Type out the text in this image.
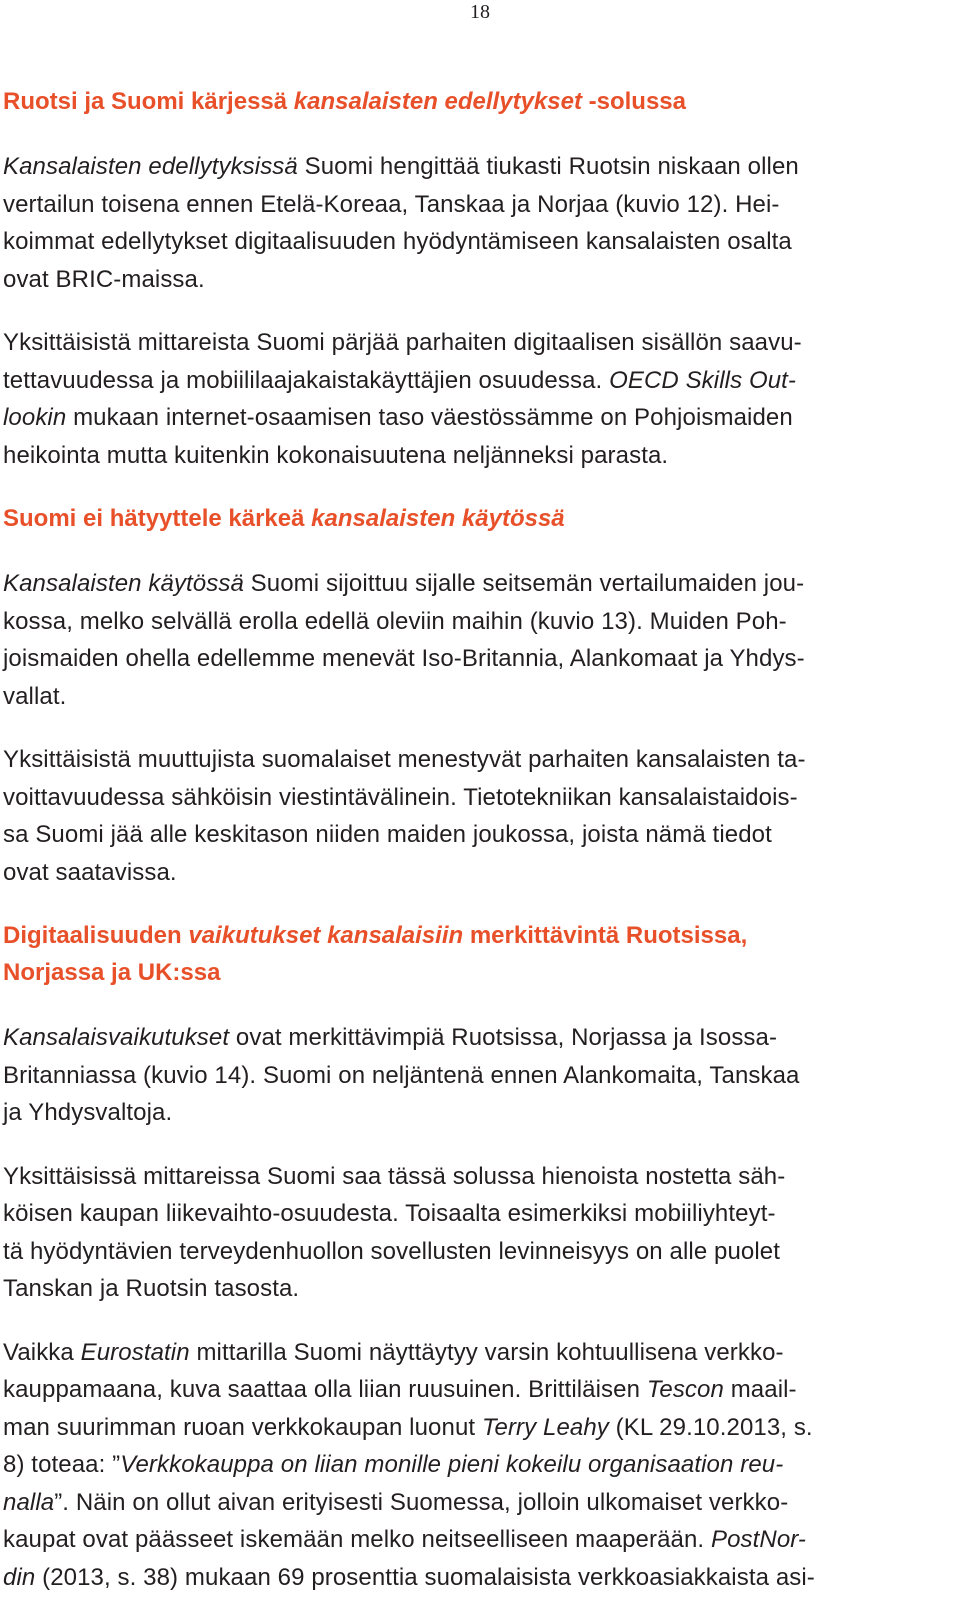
18
Ruotsi ja Suomi kärjessä kansalaisten edellytykset -solussa
Kansalaisten edellytyksissä Suomi hengittää tiukasti Ruotsin niskaan ollen
vertailun toisena ennen Etelä-Koreaa, Tanskaa ja Norjaa (kuvio 12). Hei-
koimmat edellytykset digitaalisuuden hyödyntämiseen kansalaisten osalta
ovat BRIC-maissa.
Yksittäisistä mittareista Suomi pärjää parhaiten digitaalisen sisällön saavu-
tettavuudessa ja mobiililaajakaistakäyttäjien osuudessa. OECD Skills Out-
lookin mukaan internet-osaamisen taso väestössämme on Pohjoismaiden
heikointa mutta kuitenkin kokonaisuutena neljänneksi parasta.
Suomi ei hätyyttele kärkeä kansalaisten käytössä
Kansalaisten käytössä Suomi sijoittuu sijalle seitsemän vertailumaiden jou-
kossa, melko selvällä erolla edellä oleviin maihin (kuvio 13). Muiden Poh-
joismaiden ohella edellemme menevät Iso-Britannia, Alankomaat ja Yhdys-
vallat.
Yksittäisistä muuttujista suomalaiset menestyvät parhaiten kansalaisten ta-
voittavuudessa sähköisin viestintävälinein. Tietotekniikan kansalaistaidois-
sa Suomi jää alle keskitason niiden maiden joukossa, joista nämä tiedot
ovat saatavissa.
Digitaalisuuden vaikutukset kansalaisiin merkittävintä Ruotsissa,
Norjassa ja UK:ssa
Kansalaisvaikutukset ovat merkittävimpiä Ruotsissa, Norjassa ja Isossa-
Britanniassa (kuvio 14). Suomi on neljäntenä ennen Alankomaita, Tanskaa
ja Yhdysvaltoja.
Yksittäisissä mittareissa Suomi saa tässä solussa hienoista nostetta säh-
köisen kaupan liikevaihto-osuudesta. Toisaalta esimerkiksi mobiiliyhteyt-
tä hyödyntävien terveydenhuollon sovellusten levinneisyys on alle puolet
Tanskan ja Ruotsin tasosta.
Vaikka Eurostatin mittarilla Suomi näyttäytyy varsin kohtuullisena verkko-
kauppamaana, kuva saattaa olla liian ruusuinen. Brittiläisen Tescon maail-
man suurimman ruoan verkkokaupan luonut Terry Leahy (KL 29.10.2013, s.
8) toteaa: ”Verkkokauppa on liian monille pieni kokeilu organisaation reu-
nalla”. Näin on ollut aivan erityisesti Suomessa, jolloin ulkomaiset verkko-
kaupat ovat päässeet iskemään melko neitseelliseen maaperään. PostNor-
din (2013, s. 38) mukaan 69 prosenttia suomalaisista verkkoasiakkaista asi-
